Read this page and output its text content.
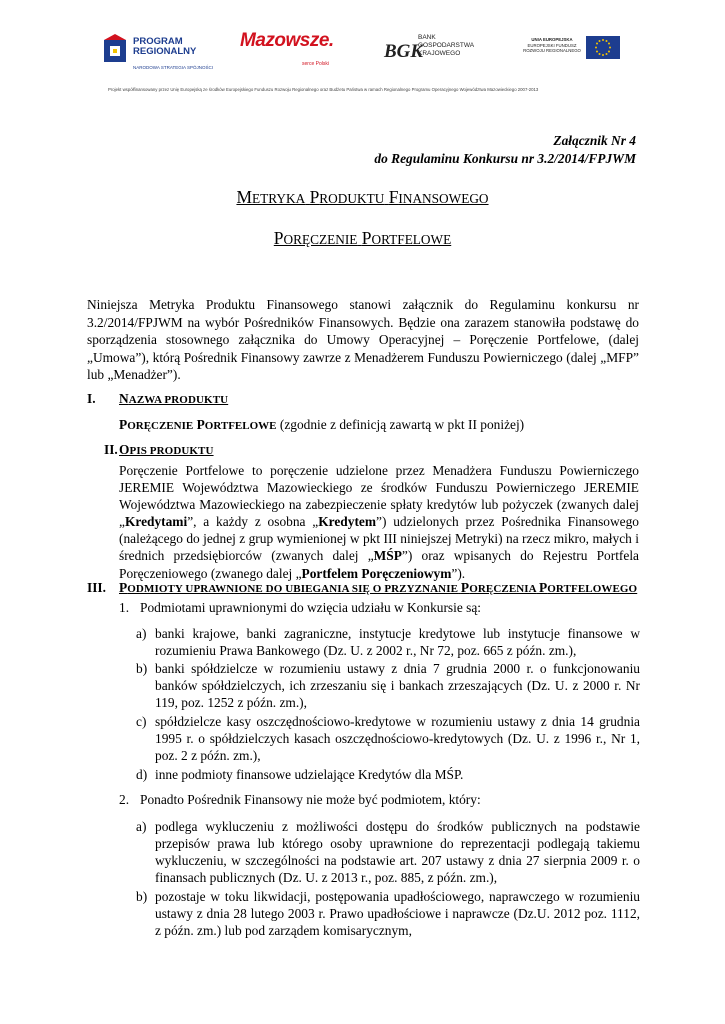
PROGRAM
REGIONALNY
NARODOWA STRATEGIA SPÓJNOŚCI
Mazowsze.
serce Polski
BGK
BANK
GOSPODARSTWA
KRAJOWEGO
UNIA EUROPEJSKA
EUROPEJSKI FUNDUSZ
ROZWOJU REGIONALNEGO
Projekt współfinansowany przez Unię Europejską ze środków Europejskiego Funduszu Rozwoju Regionalnego oraz Budżetu Państwa w ramach Regionalnego Programu Operacyjnego Województwa Mazowieckiego 2007-2013
Załącznik Nr 4
do Regulaminu Konkursu nr 3.2/2014/FPJWM
METRYKA PRODUKTU FINANSOWEGO
PORĘCZENIE PORTFELOWE
Niniejsza Metryka Produktu Finansowego stanowi załącznik do Regulaminu konkursu nr 3.2/2014/FPJWM na wybór Pośredników Finansowych. Będzie ona zarazem stanowiła podstawę do sporządzenia stosownego załącznika do Umowy Operacyjnej – Poręczenie Portfelowe, (dalej „Umowa”), którą Pośrednik Finansowy zawrze z Menadżerem Funduszu Powierniczego (dalej „MFP” lub „Menadżer”).
I. NAZWA PRODUKTU
PORĘCZENIE PORTFELOWE (zgodnie z definicją zawartą w pkt II poniżej)
II. OPIS PRODUKTU
Poręczenie Portfelowe to poręczenie udzielone przez Menadżera Funduszu Powierniczego JEREMIE Województwa Mazowieckiego ze środków Funduszu Powierniczego JEREMIE Województwa Mazowieckiego na zabezpieczenie spłaty kredytów lub pożyczek (zwanych dalej „Kredytami”, a każdy z osobna „Kredytem”) udzielonych przez Pośrednika Finansowego (należącego do jednej z grup wymienionej w pkt III niniejszej Metryki) na rzecz mikro, małych i średnich przedsiębiorców (zwanych dalej „MŚP”) oraz wpisanych do Rejestru Portfela Poręczeniowego (zwanego dalej „Portfelem Poręczeniowym”).
III. PODMIOTY UPRAWNIONE DO UBIEGANIA SIĘ O PRZYZNANIE PORĘCZENIA PORTFELOWEGO
1. Podmiotami uprawnionymi do wzięcia udziału w Konkursie są:
a) banki krajowe, banki zagraniczne, instytucje kredytowe lub instytucje finansowe w rozumieniu Prawa Bankowego (Dz. U. z 2002 r., Nr 72, poz. 665 z późn. zm.),
b) banki spółdzielcze w rozumieniu ustawy z dnia 7 grudnia 2000 r. o funkcjonowaniu banków spółdzielczych, ich zrzeszaniu się i bankach zrzeszających (Dz. U. z 2000 r. Nr 119, poz. 1252 z późn. zm.),
c) spółdzielcze kasy oszczędnościowo-kredytowe w rozumieniu ustawy z dnia 14 grudnia 1995 r. o spółdzielczych kasach oszczędnościowo-kredytowych (Dz. U. z 1996 r., Nr 1, poz. 2 z późn. zm.),
d) inne podmioty finansowe udzielające Kredytów dla MŚP.
2. Ponadto Pośrednik Finansowy nie może być podmiotem, który:
a) podlega wykluczeniu z możliwości dostępu do środków publicznych na podstawie przepisów prawa lub którego osoby uprawnione do reprezentacji podlegają takiemu wykluczeniu, w szczególności na podstawie art. 207 ustawy z dnia 27 sierpnia 2009 r. o finansach publicznych (Dz. U. z 2013 r., poz. 885, z późn. zm.),
b) pozostaje w toku likwidacji, postępowania upadłościowego, naprawczego w rozumieniu ustawy z dnia 28 lutego 2003 r. Prawo upadłościowe i naprawcze (Dz.U. 2012 poz. 1112, z późn. zm.) lub pod zarządem komisarycznym,
